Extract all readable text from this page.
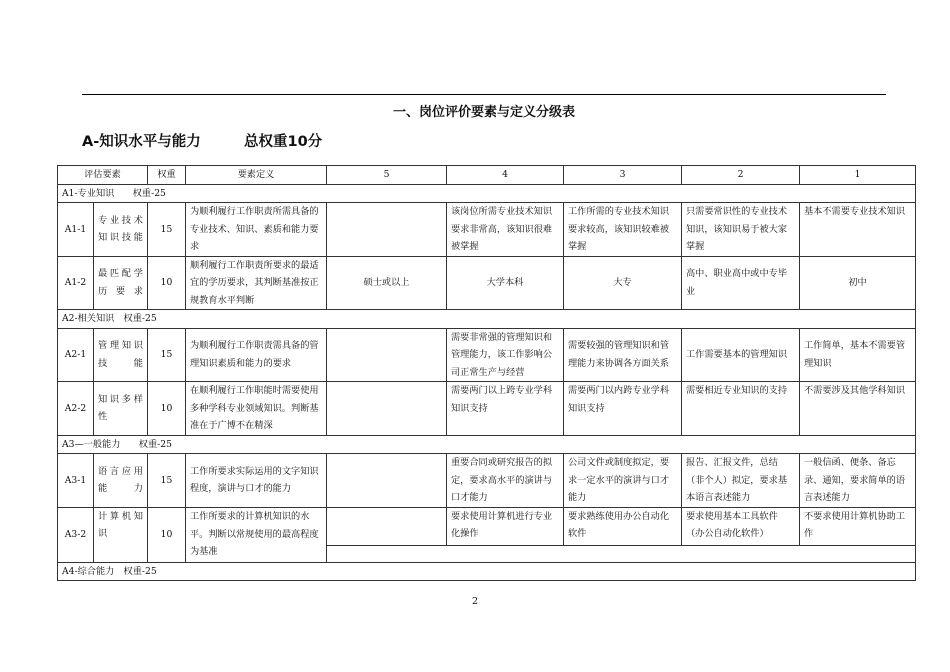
一、岗位评价要素与定义分级表
A-知识水平与能力	总权重10分
评估要素		权重	要素定义	5	4	3	2	1
A1-专业知识　　权重-25								
A1-1	专业技术知识技能	15	为顺利履行工作职责所需具备的专业技术、知识、素质和能力要求		该岗位所需专业技术知识要求非常高，该知识很难被掌握	工作所需的专业技术知识要求较高，该知识较难被掌握	只需要常识性的专业技术知识，该知识易于被大家掌握	基本不需要专业技术知识
A1-2	最匹配学历要求	10	顺利履行工作职责所要求的最适宜的学历要求，其判断基准按正规教育水平判断	硕士或以上	大学本科	大专	高中、职业高中或中专毕业	初中
A2-相关知识　权重-25								
A2-1	管理知识技能	15	为顺利履行工作职责需具备的管理知识素质和能力的要求		需要非常强的管理知识和管理能力，该工作影响公司正常生产与经营	需要较强的管理知识和管理能力来协调各方面关系	工作需要基本的管理知识	工作简单，基本不需要管理知识
A2-2	知识多样性	10	在顺利履行工作职能时需要使用多种学科专业领域知识。判断基准在于广博不在精深		需要两门以上跨专业学科知识支持	需要两门以内跨专业学科知识支持	需要相近专业知识的支持	不需要涉及其他学科知识
A3—一般能力　　权重-25								
A3-1	语言应用能力	15	工作所要求实际运用的文字知识程度，演讲与口才的能力		重要合同或研究报告的拟定，要求高水平的演讲与口才能力	公司文件或制度拟定，要求一定水平的演讲与口才能力	报告、汇报文件，总结（非个人）拟定，要求基本语言表述能力	一般信函、便条、备忘录、通知，要求简单的语言表述能力
A3-2	计算机知识	10	工作所要求的计算机知识的水平。判断以常规使用的最高程度为基准		要求使用计算机进行专业化操作	要求熟练使用办公自动化软件	要求使用基本工具软件（办公自动化软件）	不要求使用计算机协助工作

A4-综合能力　权重-25								
2
